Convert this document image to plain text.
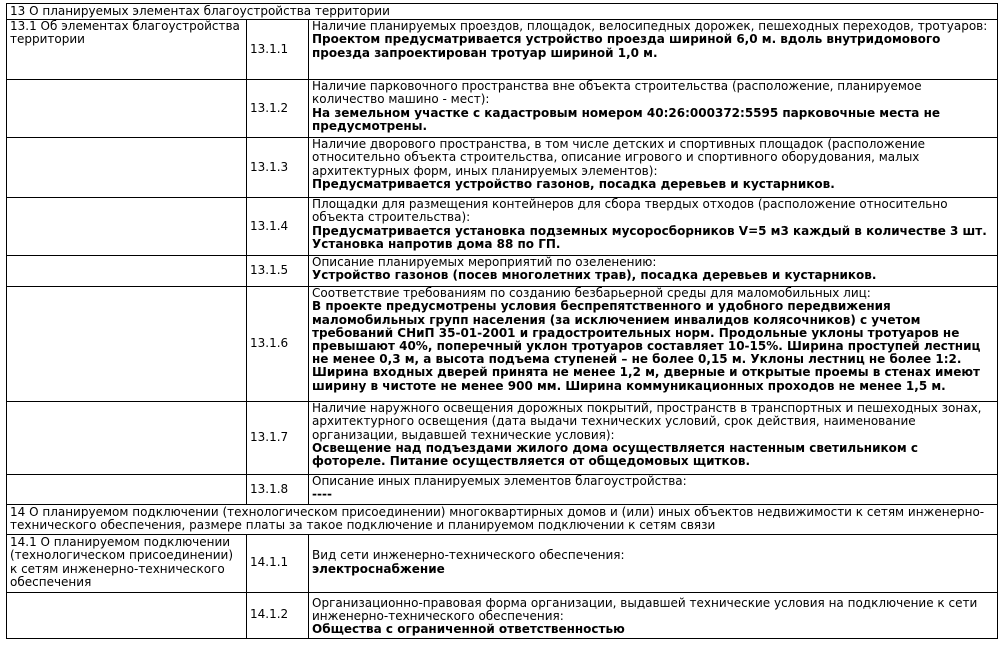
13 О планируемых элементах благоустройства территории		
13.1 Об элементах благоустройства территории	13.1.1	Наличие планируемых проездов, площадок, велосипедных дорожек, пешеходных переходов, тротуаров:
Проектом предусматривается устройство проезда шириной 6,0 м. вдоль внутридомового проезда запроектирован тротуар шириной 1,0 м.

	13.1.2	Наличие парковочного пространства вне объекта строительства (расположение, планируемое количество машино - мест):
На земельном участке с кадастровым номером 40:26:000372:5595 парковочные места не предусмотрены.

	13.1.3	Наличие дворового пространства, в том числе детских и спортивных площадок (расположение относительно объекта строительства, описание игрового и спортивного оборудования, малых архитектурных форм, иных планируемых элементов):
Предусматривается устройство газонов, посадка деревьев и кустарников.

	13.1.4	Площадки для размещения контейнеров для сбора твердых отходов (расположение относительно объекта строительства):
Предусматривается установка подземных мусоросборников V=5 м3 каждый в количестве 3 шт. Установка напротив дома 88 по ГП.

	13.1.5	Описание планируемых мероприятий по озеленению:
Устройство газонов (посев многолетних трав), посадка деревьев и кустарников.

	13.1.6	Соответствие требованиям по созданию безбарьерной среды для маломобильных лиц:
В проекте предусмотрены условия беспрепятственного и удобного передвижения маломобильных групп населения (за исключением инвалидов колясочников) с учетом требований СНиП 35-01-2001 и градостроительных норм. Продольные уклоны тротуаров не превышают 40%, поперечный уклон тротуаров составляет 10-15%. Ширина проступей лестниц не менее 0,3 м, а высота подъема ступеней – не более 0,15 м. Уклоны лестниц не более 1:2. Ширина входных дверей принята не менее 1,2 м, дверные и открытые проемы в стенах имеют ширину в чистоте не менее 900 мм. Ширина коммуникационных проходов не менее 1,5 м.

	13.1.7	Наличие наружного освещения дорожных покрытий, пространств в транспортных и пешеходных зонах, архитектурного освещения (дата выдачи технических условий, срок действия, наименование организации, выдавшей технические условия):
Освещение над подъездами жилого дома осуществляется настенным светильником с фотореле. Питание осуществляется от общедомовых щитков.

	13.1.8	Описание иных планируемых элементов благоустройства:
----

14 О планируемом подключении (технологическом присоединении) многоквартирных домов и (или) иных объектов недвижимости к сетям инженерно-технического обеспечения, размере платы за такое подключение и планируемом подключении к сетям связи		
14.1 О планируемом подключении (технологическом присоединении) к сетям инженерно-технического обеспечения	14.1.1	Вид сети инженерно-технического обеспечения:
электроснабжение

	14.1.2	Организационно-правовая форма организации, выдавшей технические условия на подключение к сети инженерно-технического обеспечения:
Общества с ограниченной ответственностью
